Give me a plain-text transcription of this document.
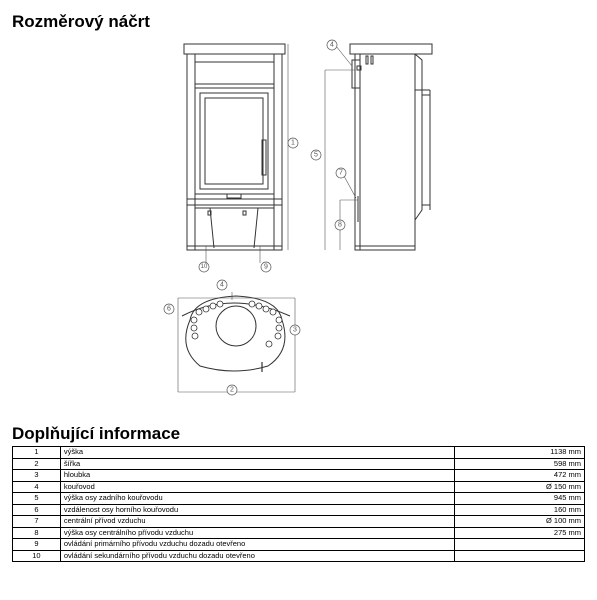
Rozměrový náčrt
1
5
4
7
8
10	9
4
6
3
2
Doplňující informace
1	výška	1138 mm
2	šířka	598 mm
3	hloubka	472 mm
4	kouřovod	Ø 150 mm
5	výška osy zadního kouřovodu	945 mm
6	vzdálenost osy horního kouřovodu	160 mm
7	centrální přívod vzduchu	Ø 100 mm
8	výška osy centrálního přívodu vzduchu	275 mm
9	ovládání primárního přívodu vzduchu dozadu otevřeno	
10	ovládání sekundárního přívodu vzduchu dozadu otevřeno	
